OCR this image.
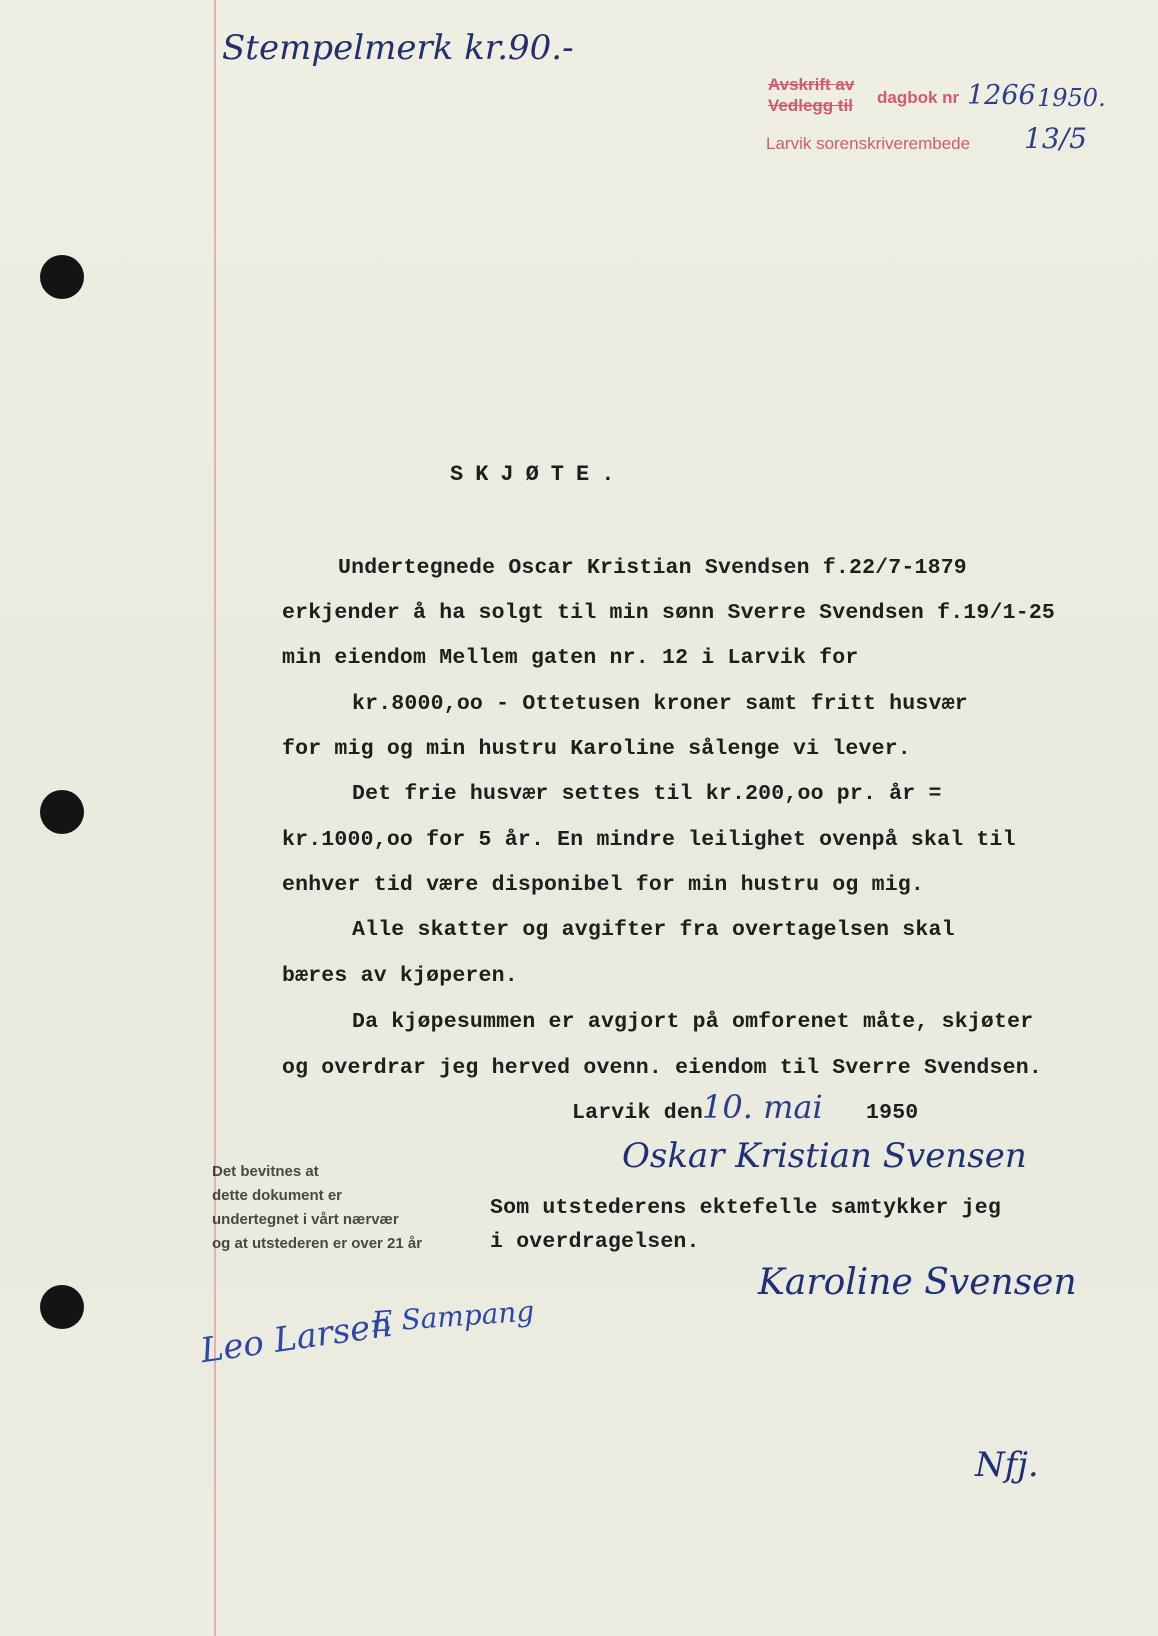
Stempelmerk kr.90.-
Avskrift av
Vedlegg til dagbok nr 1266 1950.
Larvik sorenskriverembede 13/5
SKJØTE.
Undertegnede Oscar Kristian Svendsen f.22/7-1879
erkjender å ha solgt til min sønn Sverre Svendsen f.19/1-25
min eiendom Mellem gaten nr. 12 i Larvik for
kr.8000,oo - Ottetusen kroner samt fritt husvær
for mig og min hustru Karoline sålenge vi lever.
Det frie husvær settes til kr.200,oo pr. år =
kr.1000,oo for 5 år. En mindre leilighet ovenpå skal til
enhver tid være disponibel for min hustru og mig.
Alle skatter og avgifter fra overtagelsen skal
bæres av kjøperen.
Da kjøpesummen er avgjort på omforenet måte, skjøter
og overdrar jeg herved ovenn. eiendom til Sverre Svendsen.
Larvik den
10. mai 1950
Oskar Kristian Svensen
Som utstederens ektefelle samtykker jeg
i overdragelsen.
Karoline Svensen
Det bevitnes at
dette dokument er
undertegnet i vårt nærvær
og at utstederen er over 21 år
Leo Larsen
E Sampang
Nfj.
